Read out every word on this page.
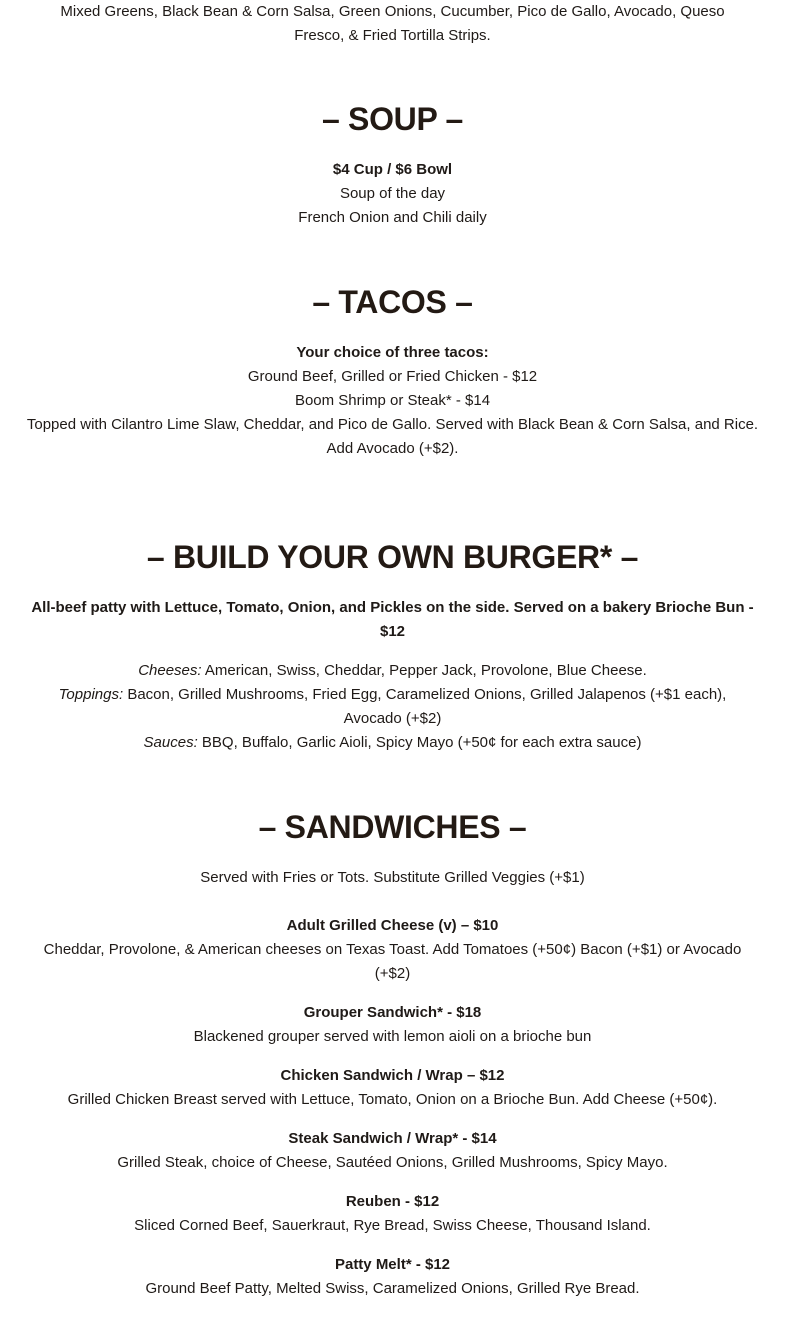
Mixed Greens, Black Bean & Corn Salsa, Green Onions, Cucumber, Pico de Gallo, Avocado, Queso Fresco, & Fried Tortilla Strips.
– SOUP –
$4 Cup / $6 Bowl
Soup of the day
French Onion and Chili daily
– TACOS –
Your choice of three tacos:
Ground Beef, Grilled or Fried Chicken - $12
Boom Shrimp or Steak* - $14
Topped with Cilantro Lime Slaw, Cheddar, and Pico de Gallo. Served with Black Bean & Corn Salsa, and Rice.
Add Avocado (+$2).
– BUILD YOUR OWN BURGER* –
All-beef patty with Lettuce, Tomato, Onion, and Pickles on the side. Served on a bakery Brioche Bun - $12
Cheeses: American, Swiss, Cheddar, Pepper Jack, Provolone, Blue Cheese.
Toppings: Bacon, Grilled Mushrooms, Fried Egg, Caramelized Onions, Grilled Jalapenos (+$1 each), Avocado (+$2)
Sauces: BBQ, Buffalo, Garlic Aioli, Spicy Mayo (+50¢ for each extra sauce)
– SANDWICHES –
Served with Fries or Tots. Substitute Grilled Veggies (+$1)
Adult Grilled Cheese (v) – $10
Cheddar, Provolone, & American cheeses on Texas Toast. Add Tomatoes (+50¢) Bacon (+$1) or Avocado (+$2)
Grouper Sandwich* - $18
Blackened grouper served with lemon aioli on a brioche bun
Chicken Sandwich / Wrap – $12
Grilled Chicken Breast served with Lettuce, Tomato, Onion on a Brioche Bun. Add Cheese (+50¢).
Steak Sandwich / Wrap* - $14
Grilled Steak, choice of Cheese, Sautéed Onions, Grilled Mushrooms, Spicy Mayo.
Reuben - $12
Sliced Corned Beef, Sauerkraut, Rye Bread, Swiss Cheese, Thousand Island.
Patty Melt* - $12
Ground Beef Patty, Melted Swiss, Caramelized Onions, Grilled Rye Bread.
